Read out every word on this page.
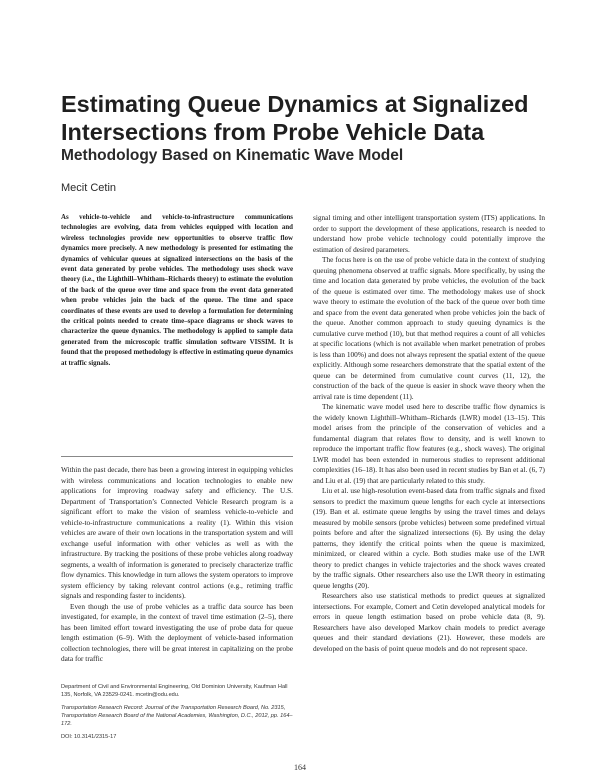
Estimating Queue Dynamics at Signalized Intersections from Probe Vehicle Data
Methodology Based on Kinematic Wave Model
Mecit Cetin
As vehicle-to-vehicle and vehicle-to-infrastructure communications technologies are evolving, data from vehicles equipped with location and wireless technologies provide new opportunities to observe traffic flow dynamics more precisely. A new methodology is presented for estimating the dynamics of vehicular queues at signalized intersections on the basis of the event data generated by probe vehicles. The methodology uses shock wave theory (i.e., the Lighthill–Whitham–Richards theory) to estimate the evolution of the back of the queue over time and space from the event data generated when probe vehicles join the back of the queue. The time and space coordinates of these events are used to develop a formulation for determining the critical points needed to create time–space diagrams or shock waves to characterize the queue dynamics. The methodology is applied to sample data generated from the microscopic traffic simulation software VISSIM. It is found that the proposed methodology is effective in estimating queue dynamics at traffic signals.

Within the past decade, there has been a growing interest in equipping vehicles with wireless communications and location technologies to enable new applications for improving roadway safety and efficiency. The U.S. Department of Transportation’s Connected Vehicle Research program is a significant effort to make the vision of seamless vehicle-to-vehicle and vehicle-to-infrastructure communications a reality (1). Within this vision vehicles are aware of their own locations in the transportation system and will exchange useful information with other vehicles as well as with the infrastructure. By tracking the positions of these probe vehicles along roadway segments, a wealth of information is generated to precisely characterize traffic flow dynamics. This knowledge in turn allows the system operators to improve system efficiency by taking relevant control actions (e.g., retiming traffic signals and responding faster to incidents).

Even though the use of probe vehicles as a traffic data source has been investigated, for example, in the context of travel time estimation (2–5), there has been limited effort toward investigating the use of probe data for queue length estimation (6–9). With the deployment of vehicle-based information collection technologies, there will be great interest in capitalizing on the probe data for traffic

Department of Civil and Environmental Engineering, Old Dominion University, Kaufman Hall 135, Norfolk, VA 23529-0241. mcetin@odu.edu.

Transportation Research Record: Journal of the Transportation Research Board, No. 2315, Transportation Research Board of the National Academies, Washington, D.C., 2012, pp. 164–172.

DOI: 10.3141/2315-17

signal timing and other intelligent transportation system (ITS) applications. In order to support the development of these applications, research is needed to understand how probe vehicle technology could potentially improve the estimation of desired parameters.

The focus here is on the use of probe vehicle data in the context of studying queuing phenomena observed at traffic signals. More specifically, by using the time and location data generated by probe vehicles, the evolution of the back of the queue is estimated over time. The methodology makes use of shock wave theory to estimate the evolution of the back of the queue over both time and space from the event data generated when probe vehicles join the back of the queue. Another common approach to study queuing dynamics is the cumulative curve method (10), but that method requires a count of all vehicles at specific locations (which is not available when market penetration of probes is less than 100%) and does not always represent the spatial extent of the queue explicitly. Although some researchers demonstrate that the spatial extent of the queue can be determined from cumulative count curves (11, 12), the construction of the back of the queue is easier in shock wave theory when the arrival rate is time dependent (11).

The kinematic wave model used here to describe traffic flow dynamics is the widely known Lighthill–Whitham–Richards (LWR) model (13–15). This model arises from the principle of the conservation of vehicles and a fundamental diagram that relates flow to density, and is well known to reproduce the important traffic flow features (e.g., shock waves). The original LWR model has been extended in numerous studies to represent additional complexities (16–18). It has also been used in recent studies by Ban et al. (6, 7) and Liu et al. (19) that are particularly related to this study.

Liu et al. use high-resolution event-based data from traffic signals and fixed sensors to predict the maximum queue lengths for each cycle at intersections (19). Ban et al. estimate queue lengths by using the travel times and delays measured by mobile sensors (probe vehicles) between some predefined virtual points before and after the signalized intersections (6). By using the delay patterns, they identify the critical points when the queue is maximized, minimized, or cleared within a cycle. Both studies make use of the LWR theory to predict changes in vehicle trajectories and the shock waves created by the traffic signals. Other researchers also use the LWR theory in estimating queue lengths (20).

Researchers also use statistical methods to predict queues at signalized intersections. For example, Comert and Cetin developed analytical models for errors in queue length estimation based on probe vehicle data (8, 9). Researchers have also developed Markov chain models to predict average queues and their standard deviations (21). However, these models are developed on the basis of point queue models and do not represent space.

164
